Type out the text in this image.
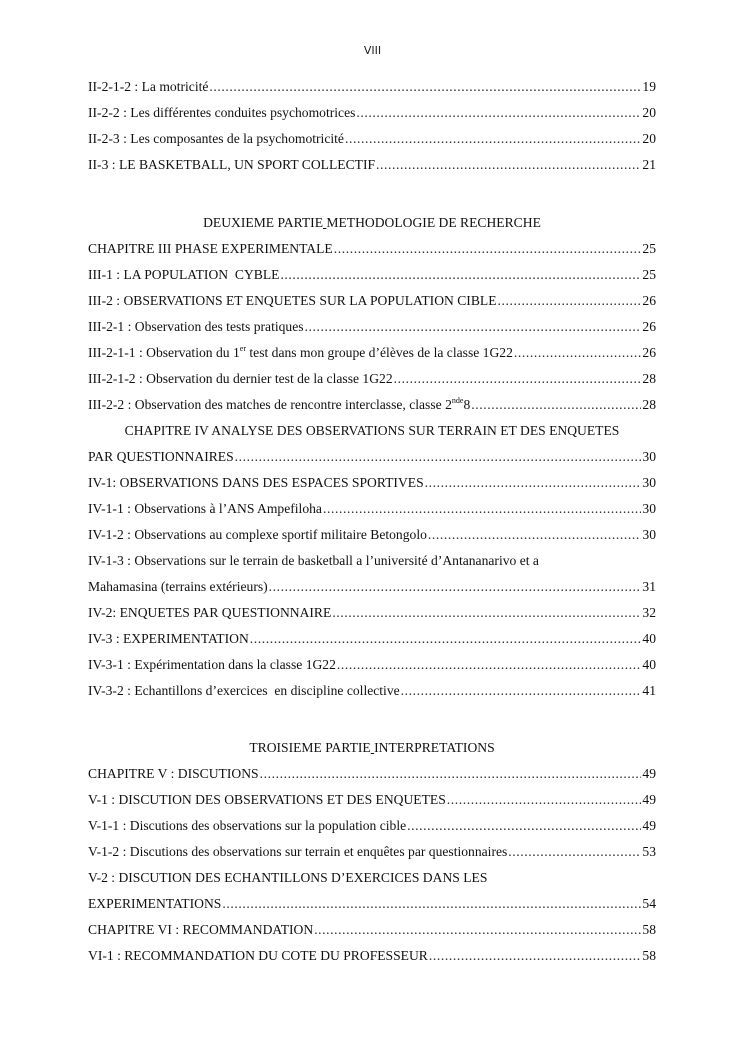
VIII
II-2-1-2 : La motricité .....	19
II-2-2 : Les différentes conduites psychomotrices .....	20
II-2-3 : Les composantes de la psychomotricité .....	20
II-3 : LE BASKETBALL, UN SPORT COLLECTIF .....	21
DEUXIEME PARTIE METHODOLOGIE DE RECHERCHE
CHAPITRE III PHASE EXPERIMENTALE .....	25
III-1 : LA POPULATION  CYBLE .....	25
III-2 : OBSERVATIONS ET ENQUETES SUR LA POPULATION CIBLE .....	26
III-2-1 : Observation des tests pratiques .....	26
III-2-1-1 : Observation du 1er test dans mon groupe d’élèves de la classe 1G22 .....	26
III-2-1-2 : Observation du dernier test de la classe 1G22 .....	28
III-2-2 : Observation des matches de rencontre interclasse, classe 2nde8 .....	28
CHAPITRE IV ANALYSE DES OBSERVATIONS SUR TERRAIN ET DES ENQUETES
PAR QUESTIONNAIRES .....	30
IV-1: OBSERVATIONS DANS DES ESPACES SPORTIVES .....	30
IV-1-1 : Observations à l’ANS Ampefiloha .....	30
IV-1-2 : Observations au complexe sportif militaire Betongolo .....	30
IV-1-3 : Observations sur le terrain de basketball a l’université d’Antananarivo et a
Mahamasina (terrains extérieurs) .....	31
IV-2: ENQUETES PAR QUESTIONNAIRE .....	32
IV-3 : EXPERIMENTATION .....	40
IV-3-1 : Expérimentation dans la classe 1G22 .....	40
IV-3-2 : Echantillons d’exercices  en discipline collective .....	41
TROISIEME PARTIE INTERPRETATIONS
CHAPITRE V : DISCUTIONS .....	49
V-1 : DISCUTION DES OBSERVATIONS ET DES ENQUETES .....	49
V-1-1 : Discutions des observations sur la population cible .....	49
V-1-2 : Discutions des observations sur terrain et enquêtes par questionnaires .....	53
V-2 : DISCUTION DES ECHANTILLONS D’EXERCICES DANS LES
EXPERIMENTATIONS .....	54
CHAPITRE VI : RECOMMANDATION .....	58
VI-1 : RECOMMANDATION DU COTE DU PROFESSEUR .....	58
